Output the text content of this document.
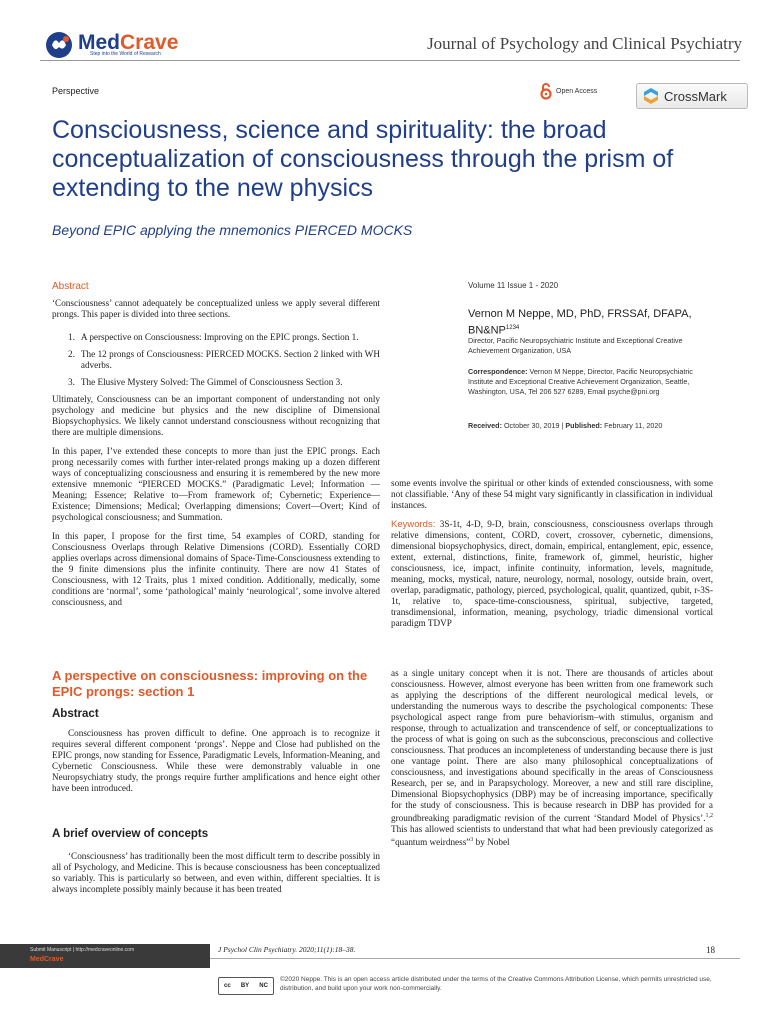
MedCrave
Step into the World of Research
Journal of Psychology and Clinical Psychiatry
Perspective	Open Access	CrossMark
Consciousness, science and spirituality: the broad conceptualization of consciousness through the prism of extending to the new physics
Beyond EPIC applying the mnemonics PIERCED MOCKS
Abstract

‘Consciousness’ cannot adequately be conceptualized unless we apply several different prongs. This paper is divided into three sections.

1. A perspective on Consciousness: Improving on the EPIC prongs. Section 1.
2. The 12 prongs of Consciousness: PIERCED MOCKS. Section 2 linked with WH adverbs.
3. The Elusive Mystery Solved: The Gimmel of Consciousness Section 3.

Ultimately, Consciousness can be an important component of understanding not only psychology and medicine but physics and the new discipline of Dimensional Biopsychophysics. We likely cannot understand consciousness without recognizing that there are multiple dimensions.

In this paper, I’ve extended these concepts to more than just the EPIC prongs. Each prong necessarily comes with further inter-related prongs making up a dozen different ways of conceptualizing consciousness and ensuring it is remembered by the new more extensive mnemonic “PIERCED MOCKS.” (Paradigmatic Level; Information —Meaning; Essence; Relative to—From framework of; Cybernetic; Experience—Existence; Dimensions; Medical; Overlapping dimensions; Covert—Overt; Kind of psychological consciousness; and Summation.

In this paper, I propose for the first time, 54 examples of CORD, standing for Consciousness Overlaps through Relative Dimensions (CORD). Essentially CORD applies overlaps across dimensional domains of Space-Time-Consciousness extending to the 9 finite dimensions plus the infinite continuity. There are now 41 States of Consciousness, with 12 Traits, plus 1 mixed condition. Additionally, medically, some conditions are ‘normal’, some ‘pathological’ mainly ‘neurological’, some involve altered consciousness, and

Volume 11 Issue 1 - 2020
Vernon M Neppe, MD, PhD, FRSSAf, DFAPA, $BN\&NP^{1234}$
Director, Pacific Neuropsychiatric Institute and Exceptional Creative Achievement Organization, USA
Correspondence: Vernon M Neppe, Director, Pacific Neuropsychiatric Institute and Exceptional Creative Achievement Organization, Seattle, Washington, USA, Tel 206 527 6289, Email psyche@pni.org
Received: October 30, 2019 | Published: February 11, 2020
some events involve the spiritual or other kinds of extended consciousness, with some not classifiable. ‘Any of these 54 might vary significantly in classification in individual instances.
Keywords: 3S-1t, 4-D, 9-D, brain, consciousness, consciousness overlaps through relative dimensions, content, CORD, covert, crossover, cybernetic, dimensions, dimensional biopsychophysics, direct, domain, empirical, entanglement, epic, essence, extent, external, distinctions, finite, framework of, gimmel, heuristic, higher consciousness, ice, impact, infinite continuity, information, levels, magnitude, meaning, mocks, mystical, nature, neurology, normal, nosology, outside brain, overt, overlap, paradigmatic, pathology, pierced, psychological, qualit, quantized, qubit, r-3S-1t, relative to, space-time-consciousness, spiritual, subjective, targeted, transdimensional, information, meaning, psychology, triadic dimensional vortical paradigm TDVP
A perspective on consciousness: improving on the EPIC prongs: section 1
Abstract
Consciousness has proven difficult to define. One approach is to recognize it requires several different component ‘prongs’. Neppe and Close had published on the EPIC prongs, now standing for Essence, Paradigmatic Levels, Information-Meaning, and Cybernetic Consciousness. While these were demonstrably valuable in one Neuropsychiatry study, the prongs require further amplifications and hence eight other have been introduced.
A brief overview of concepts
‘Consciousness’ has traditionally been the most difficult term to describe possibly in all of Psychology, and Medicine. This is because consciousness has been conceptualized so variably. This is particularly so between, and even within, different specialties. It is always incomplete possibly mainly because it has been treated
as a single unitary concept when it is not. There are thousands of articles about consciousness. However, almost everyone has been written from one framework such as applying the descriptions of the different neurological medical levels, or understanding the numerous ways to describe the psychological components: These psychological aspect range from pure behaviorism–with stimulus, organism and response, through to actualization and transcendence of self, or conceptualizations to the process of what is going on such as the subconscious, preconscious and collective consciousness. That produces an incompleteness of understanding because there is just one vantage point. There are also many philosophical conceptualizations of consciousness, and investigations abound specifically in the areas of Consciousness Research, per se, and in Parapsychology. Moreover, a new and still rare discipline, Dimensional Biopsychophysics (DBP) may be of increasing importance, specifically for the study of consciousness. This is because research in DBP has provided for a groundbreaking paradigmatic revision of the current ‘Standard Model of Physics’.$^{1,2}$ This has allowed scientists to understand that what had been previously categorized as “quantum weirdness”$^3$ by Nobel
Submit Manuscript | http://medcraveonline.com
MedCrave
J Psychol Clin Psychiatry. 2020;11(1):18‒38.	18
cc BY NC
©2020 Neppe. This is an open access article distributed under the terms of the Creative Commons Attribution License, which permits unrestricted use, distribution, and build upon your work non-commercially.
